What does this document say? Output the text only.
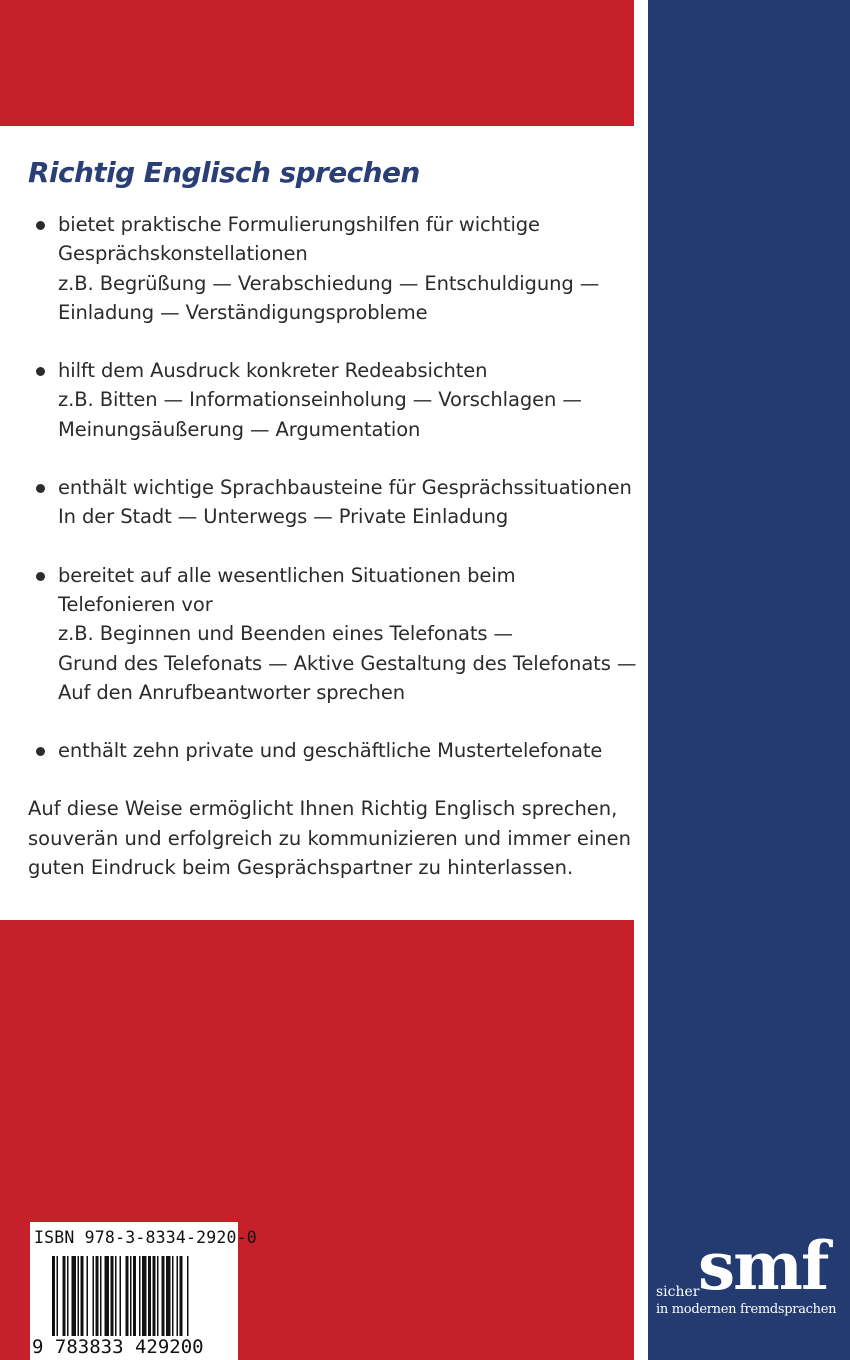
Richtig Englisch sprechen
bietet praktische Formulierungshilfen für wichtige
Gesprächskonstellationen
z.B. Begrüßung — Verabschiedung — Entschuldigung —
Einladung — Verständigungsprobleme
hilft dem Ausdruck konkreter Redeabsichten
z.B. Bitten — Informationseinholung — Vorschlagen —
Meinungsäußerung — Argumentation
enthält wichtige Sprachbausteine für Gesprächssituationen
In der Stadt — Unterwegs — Private Einladung
bereitet auf alle wesentlichen Situationen beim
Telefonieren vor
z.B. Beginnen und Beenden eines Telefonats —
Grund des Telefonats — Aktive Gestaltung des Telefonats —
Auf den Anrufbeantworter sprechen
enthält zehn private und geschäftliche Mustertelefonate

Auf diese Weise ermöglicht Ihnen Richtig Englisch sprechen,
souverän und erfolgreich zu kommunizieren und immer einen
guten Eindruck beim Gesprächspartner zu hinterlassen.

ISBN 978-3-8334-2920-0
9 783833 429200
smf
sicher
in modernen fremdsprachen
